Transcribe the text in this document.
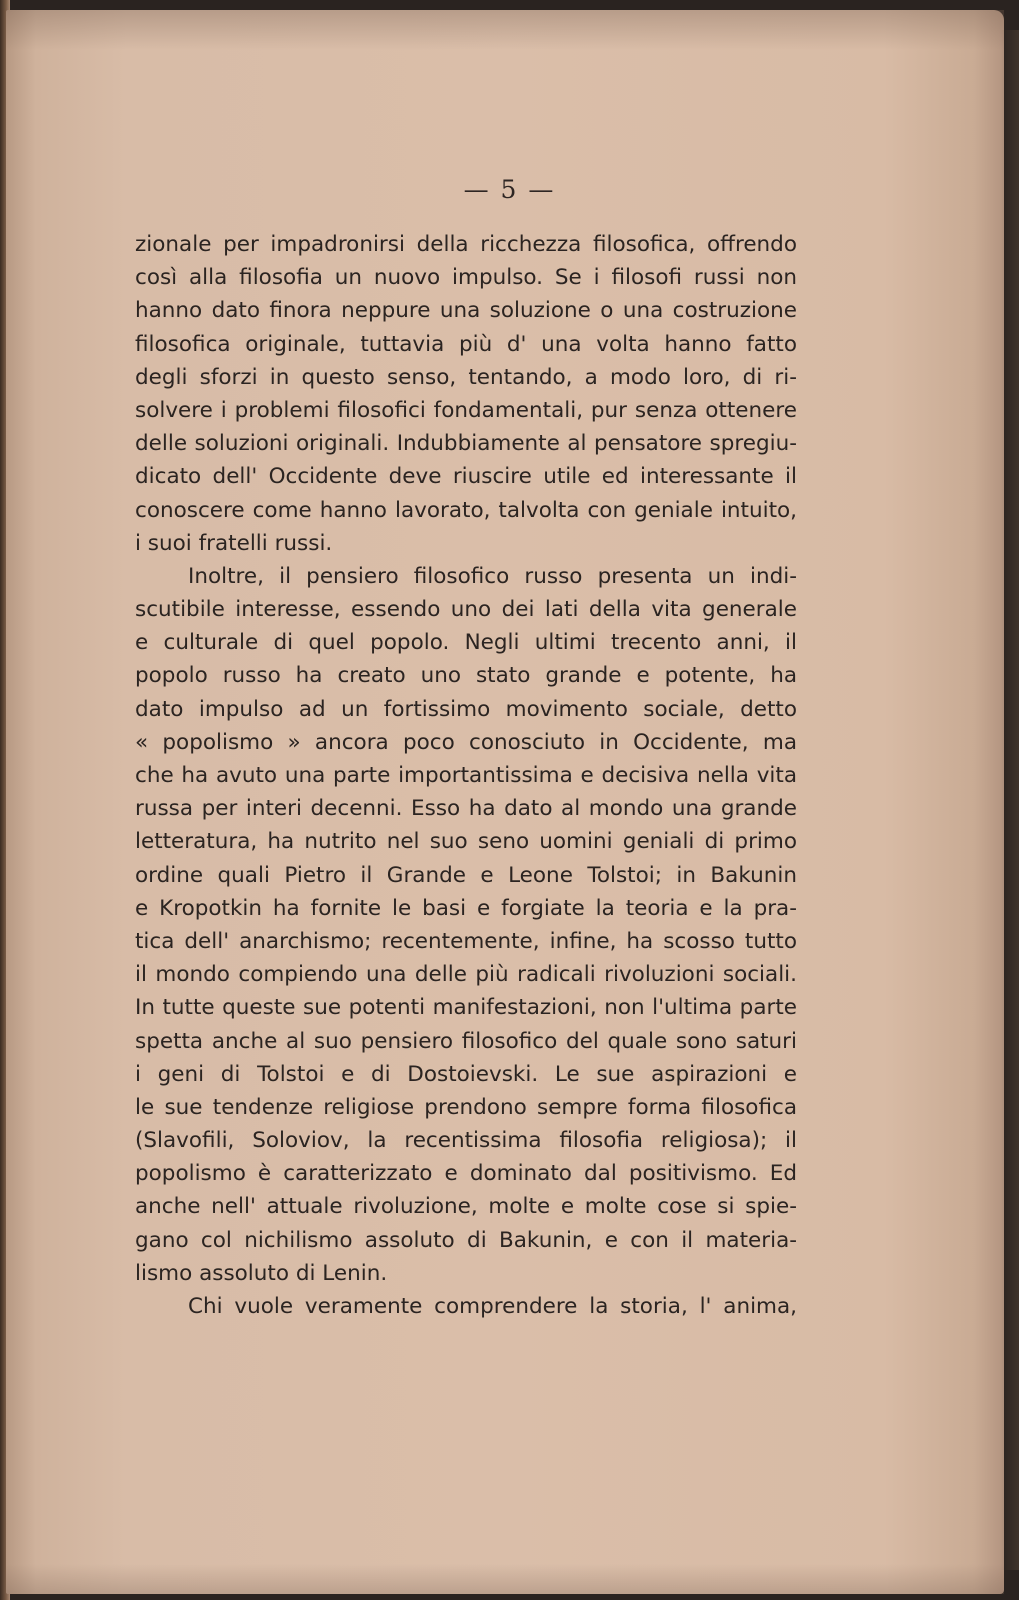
— 5 —
zionale per impadronirsi della ricchezza filosofica, offrendo
così alla filosofia un nuovo impulso. Se i filosofi russi non
hanno dato finora neppure una soluzione o una costruzione
filosofica originale, tuttavia più d' una volta hanno fatto
degli sforzi in questo senso, tentando, a modo loro, di ri-
solvere i problemi filosofici fondamentali, pur senza ottenere
delle soluzioni originali. Indubbiamente al pensatore spregiu-
dicato dell' Occidente deve riuscire utile ed interessante il
conoscere come hanno lavorato, talvolta con geniale intuito,
i suoi fratelli russi.
Inoltre, il pensiero filosofico russo presenta un indi-
scutibile interesse, essendo uno dei lati della vita generale
e culturale di quel popolo. Negli ultimi trecento anni, il
popolo russo ha creato uno stato grande e potente, ha
dato impulso ad un fortissimo movimento sociale, detto
« popolismo » ancora poco conosciuto in Occidente, ma
che ha avuto una parte importantissima e decisiva nella vita
russa per interi decenni. Esso ha dato al mondo una grande
letteratura, ha nutrito nel suo seno uomini geniali di primo
ordine quali Pietro il Grande e Leone Tolstoi; in Bakunin
e Kropotkin ha fornite le basi e forgiate la teoria e la pra-
tica dell' anarchismo; recentemente, infine, ha scosso tutto
il mondo compiendo una delle più radicali rivoluzioni sociali.
In tutte queste sue potenti manifestazioni, non l'ultima parte
spetta anche al suo pensiero filosofico del quale sono saturi
i geni di Tolstoi e di Dostoievski. Le sue aspirazioni e
le sue tendenze religiose prendono sempre forma filosofica
(Slavofili, Soloviov, la recentissima filosofia religiosa); il
popolismo è caratterizzato e dominato dal positivismo. Ed
anche nell' attuale rivoluzione, molte e molte cose si spie-
gano col nichilismo assoluto di Bakunin, e con il materia-
lismo assoluto di Lenin.
Chi vuole veramente comprendere la storia, l' anima,
